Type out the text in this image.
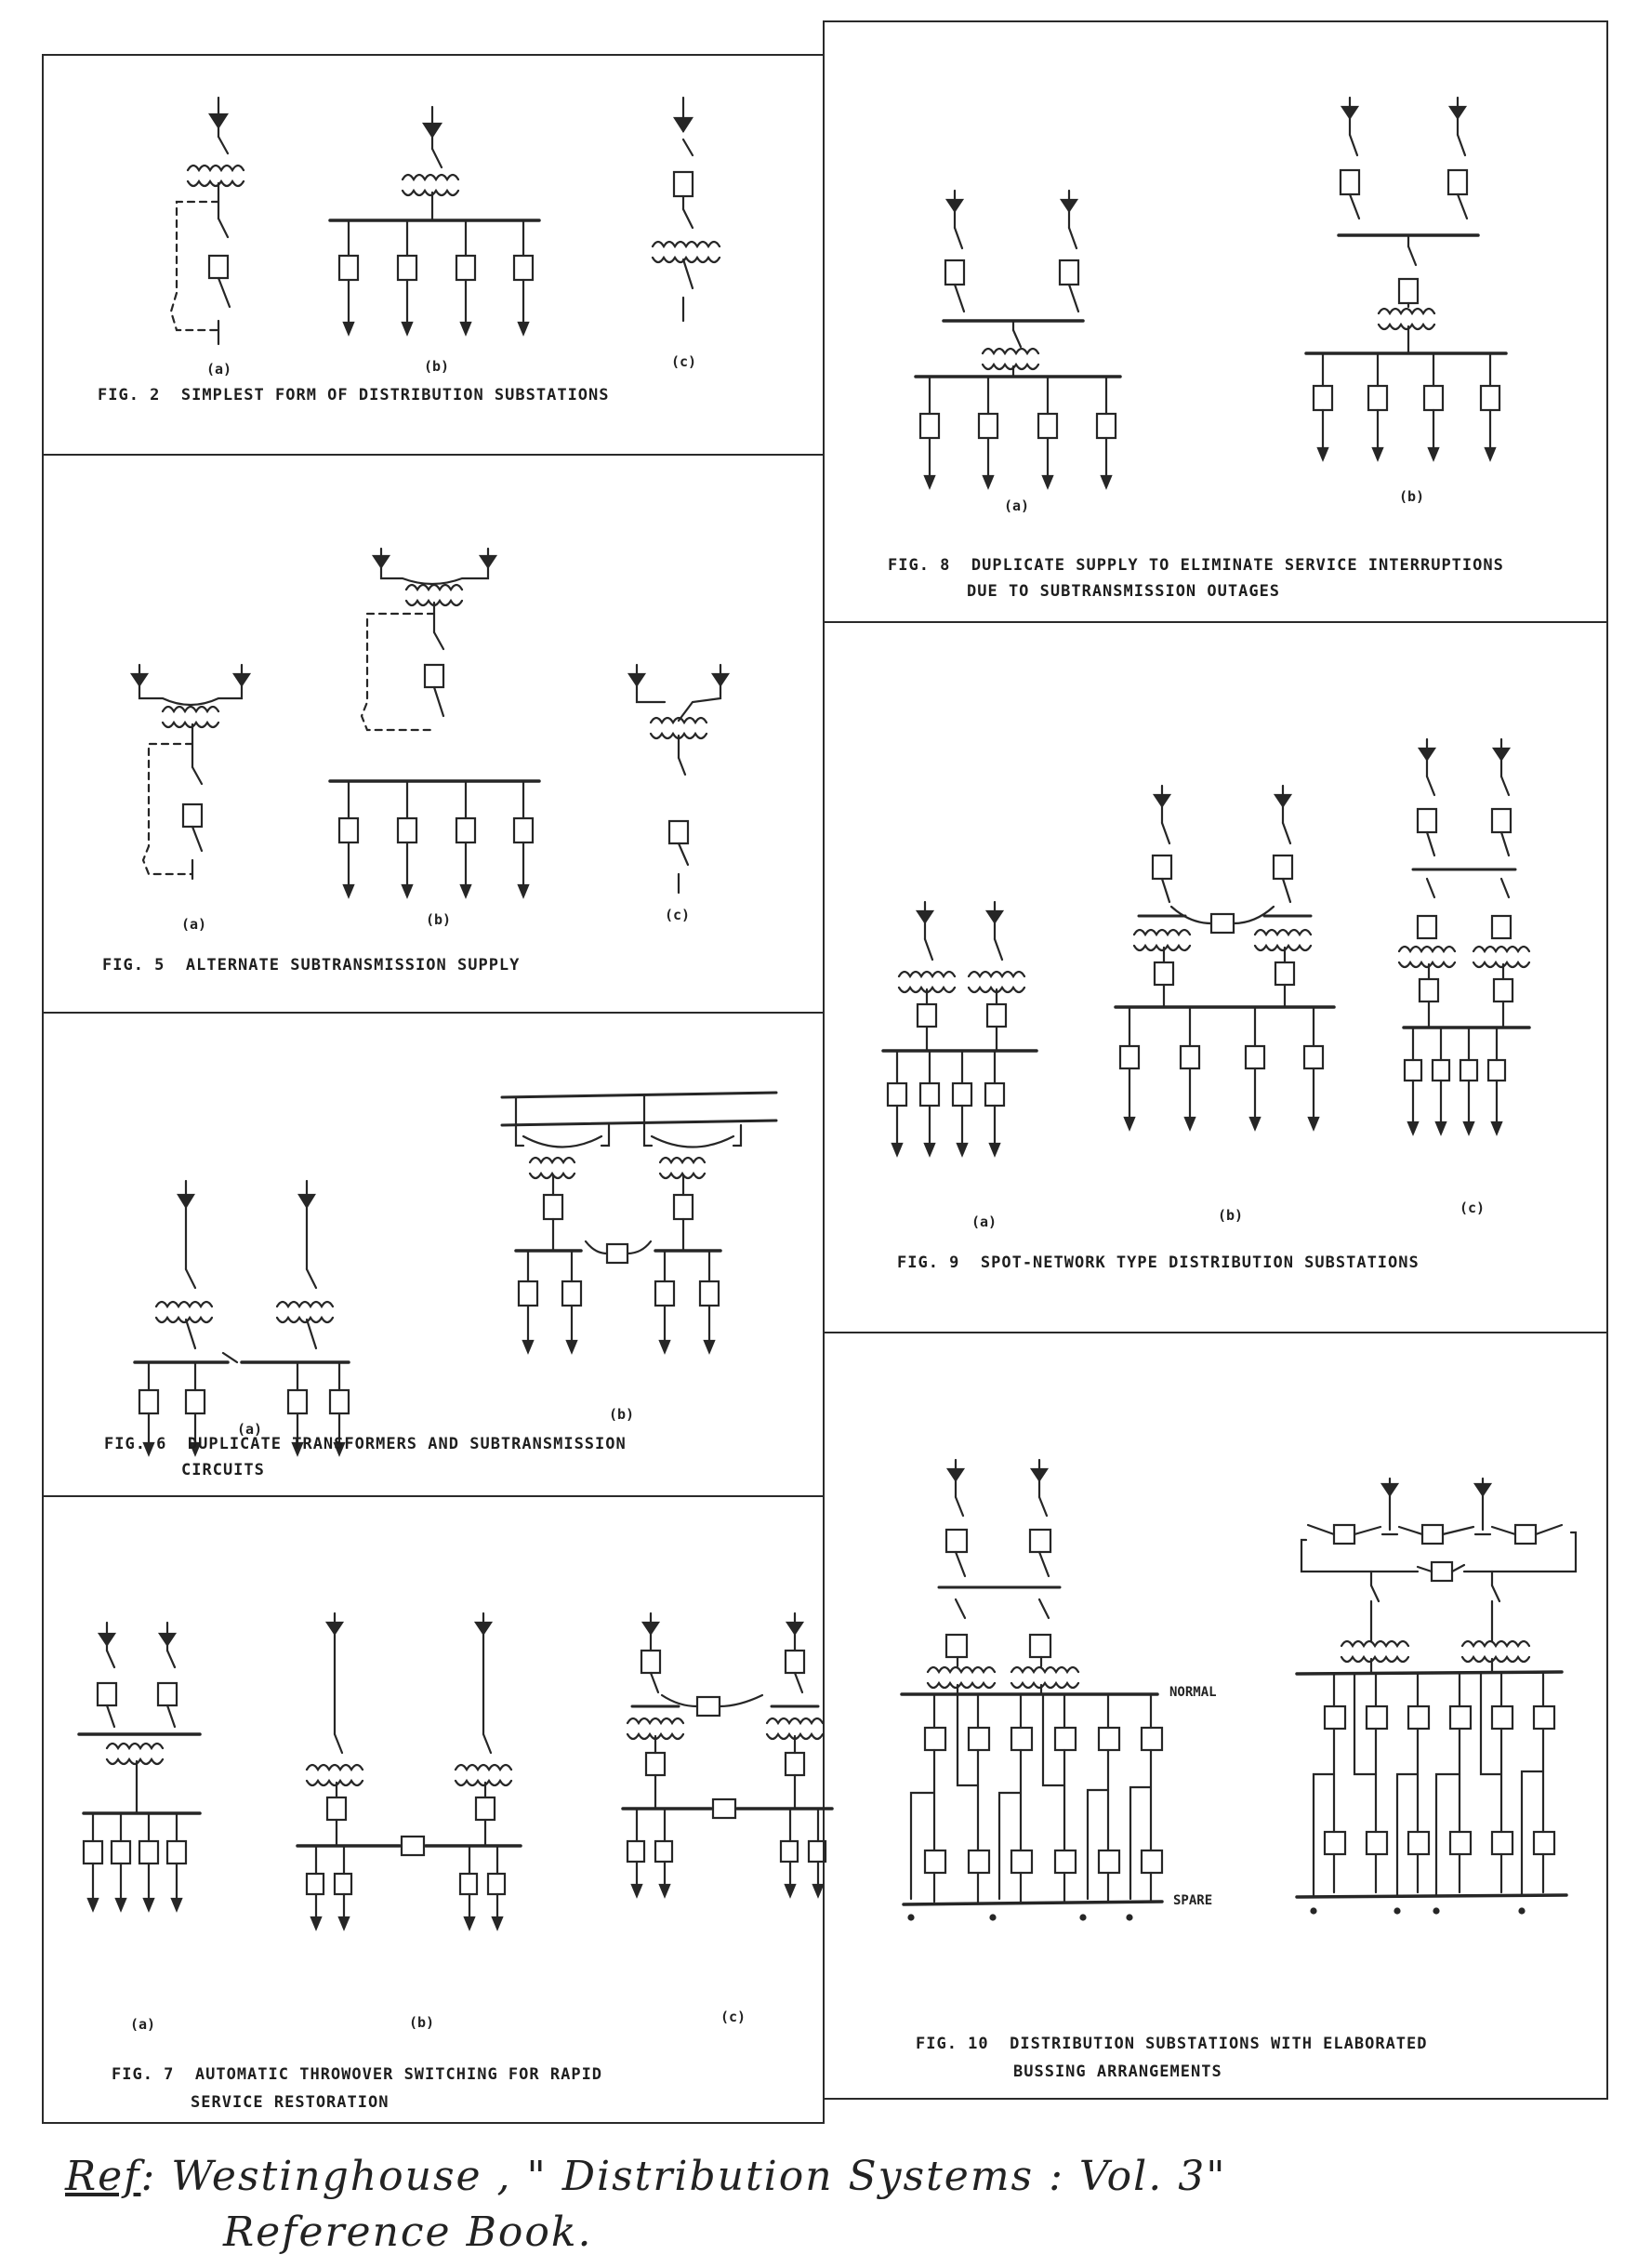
(a)	(b)	(c)
FIG. 2  SIMPLEST FORM OF DISTRIBUTION SUBSTATIONS
(a)	(b)	(c)
FIG. 5  ALTERNATE SUBTRANSMISSION SUPPLY
(a)
(b)
FIG. 6  DUPLICATE TRANSFORMERS AND SUBTRANSMISSION
CIRCUITS
(a)	(b)	(c)
FIG. 7  AUTOMATIC THROWOVER SWITCHING FOR RAPID
SERVICE RESTORATION
(a)
(b)
FIG. 8  DUPLICATE SUPPLY TO ELIMINATE SERVICE INTERRUPTIONS
DUE TO SUBTRANSMISSION OUTAGES
(a)	(b)	(c)
FIG. 9  SPOT-NETWORK TYPE DISTRIBUTION SUBSTATIONS
NORMAL
SPARE
FIG. 10  DISTRIBUTION SUBSTATIONS WITH ELABORATED
BUSSING ARRANGEMENTS
Ref: Westinghouse , " Distribution Systems : Vol. 3"
Reference Book.
